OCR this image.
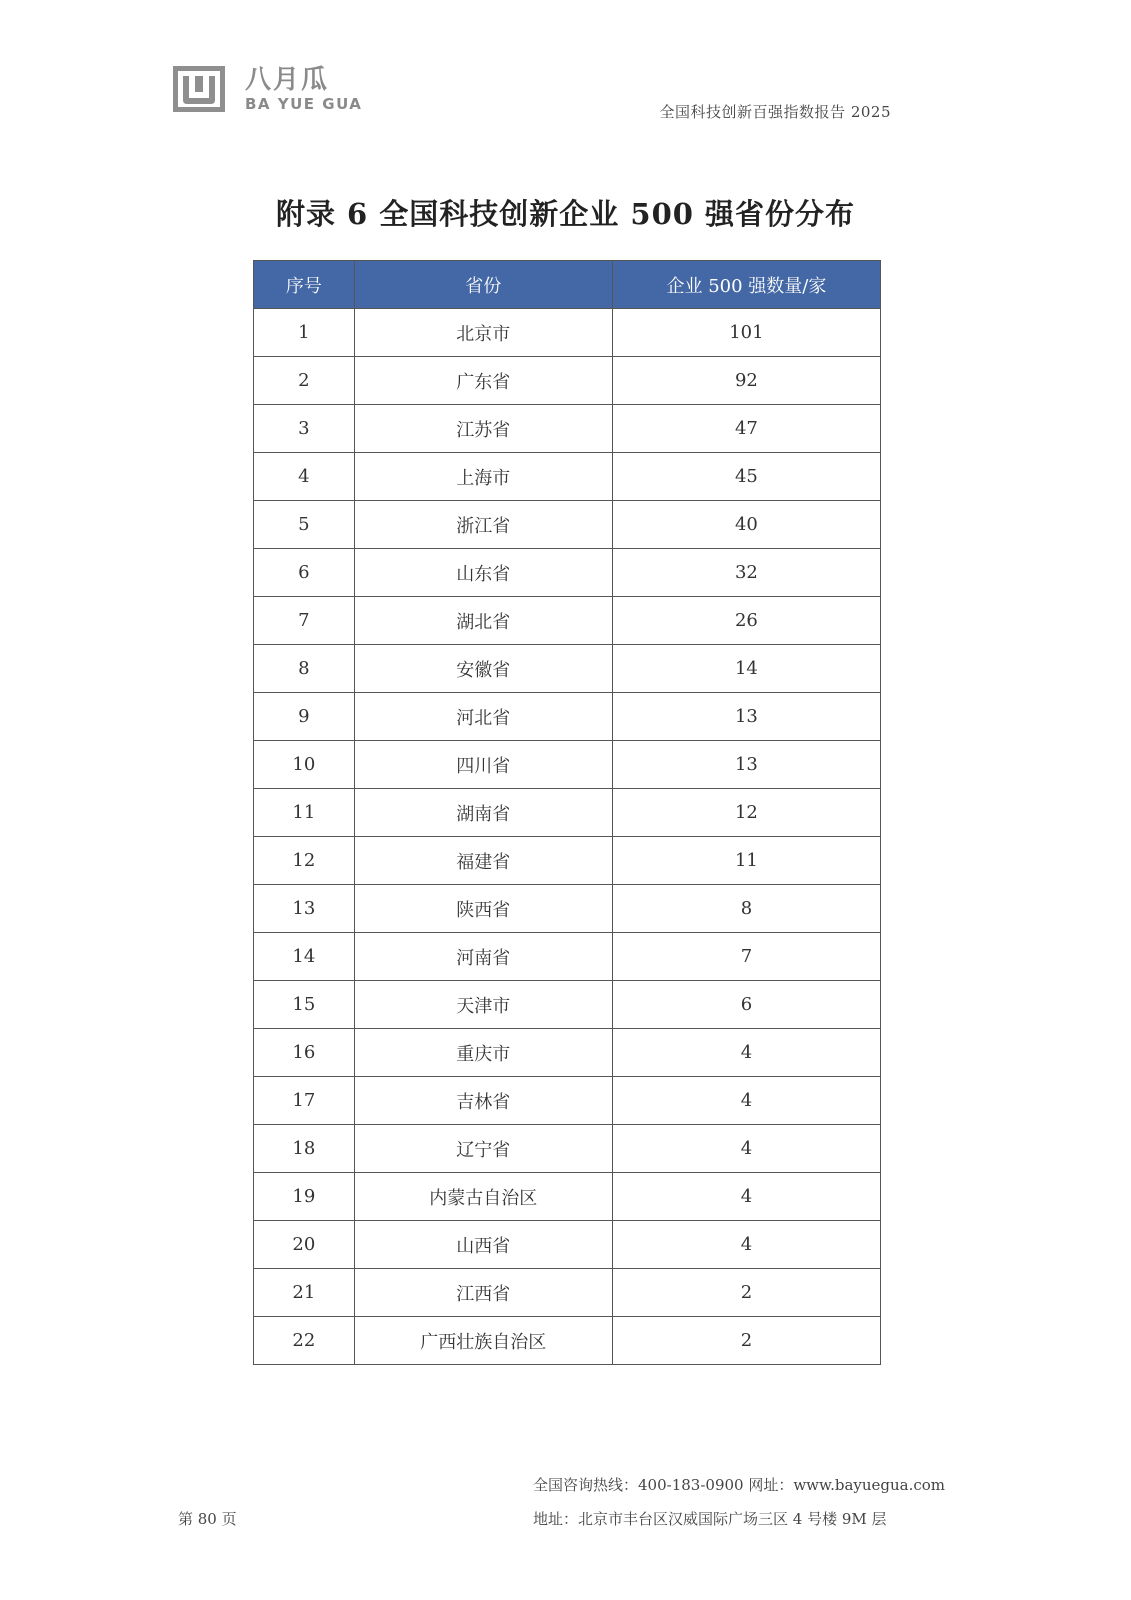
八月瓜
BA YUE GUA	全国科技创新百强指数报告 2025
附录 6 全国科技创新企业 500 强省份分布
序号	省份	企业 500 强数量/家
1	北京市	101
2	广东省	92
3	江苏省	47
4	上海市	45
5	浙江省	40
6	山东省	32
7	湖北省	26
8	安徽省	14
9	河北省	13
10	四川省	13
11	湖南省	12
12	福建省	11
13	陕西省	8
14	河南省	7
15	天津市	6
16	重庆市	4
17	吉林省	4
18	辽宁省	4
19	内蒙古自治区	4
20	山西省	4
21	江西省	2
22	广西壮族自治区	2
全国咨询热线：400-183-0900 网址：www.bayuegua.com
第 80 页	地址：北京市丰台区汉威国际广场三区 4 号楼 9M 层
